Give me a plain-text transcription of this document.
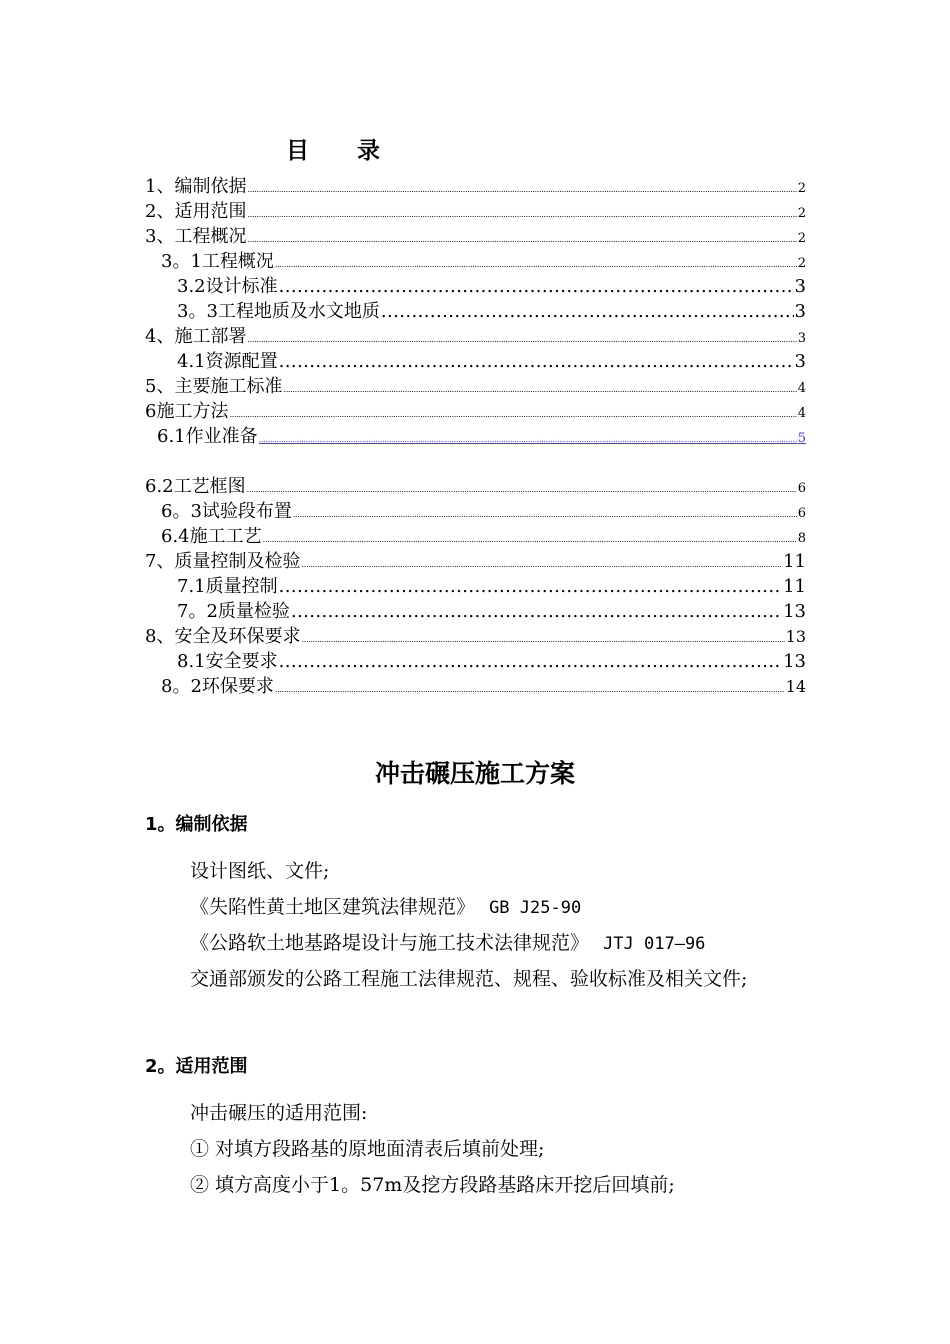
目 录
1、编制依据 .....	2
2、适用范围 .....	2
3、工程概况 .....	2
3。1工程概况 .....	2
3.2设计标准 .....	3
3。3工程地质及水文地质 .....	3
4、施工部署 .....	3
4.1资源配置 .....	3
5、主要施工标准 .....	4
6施工方法 .....	4
6.1作业准备 .....	5
6.2工艺框图 .....	6
6。3试验段布置 .....	6
6.4施工工艺 .....	8
7、质量控制及检验 .....	11
7.1质量控制 .....	11
7。2质量检验 .....	13
8、安全及环保要求 .....	13
8.1安全要求 .....	13
8。2环保要求 .....	14
冲击碾压施工方案
1。编制依据
设计图纸、文件;
《失陷性黄土地区建筑法律规范》 GB J25-90
《公路软土地基路堤设计与施工技术法律规范》 JTJ 017—96
交通部颁发的公路工程施工法律规范、规程、验收标准及相关文件;
2。适用范围
冲击碾压的适用范围:
① 对填方段路基的原地面清表后填前处理;
② 填方高度小于1。57m及挖方段路基路床开挖后回填前;
